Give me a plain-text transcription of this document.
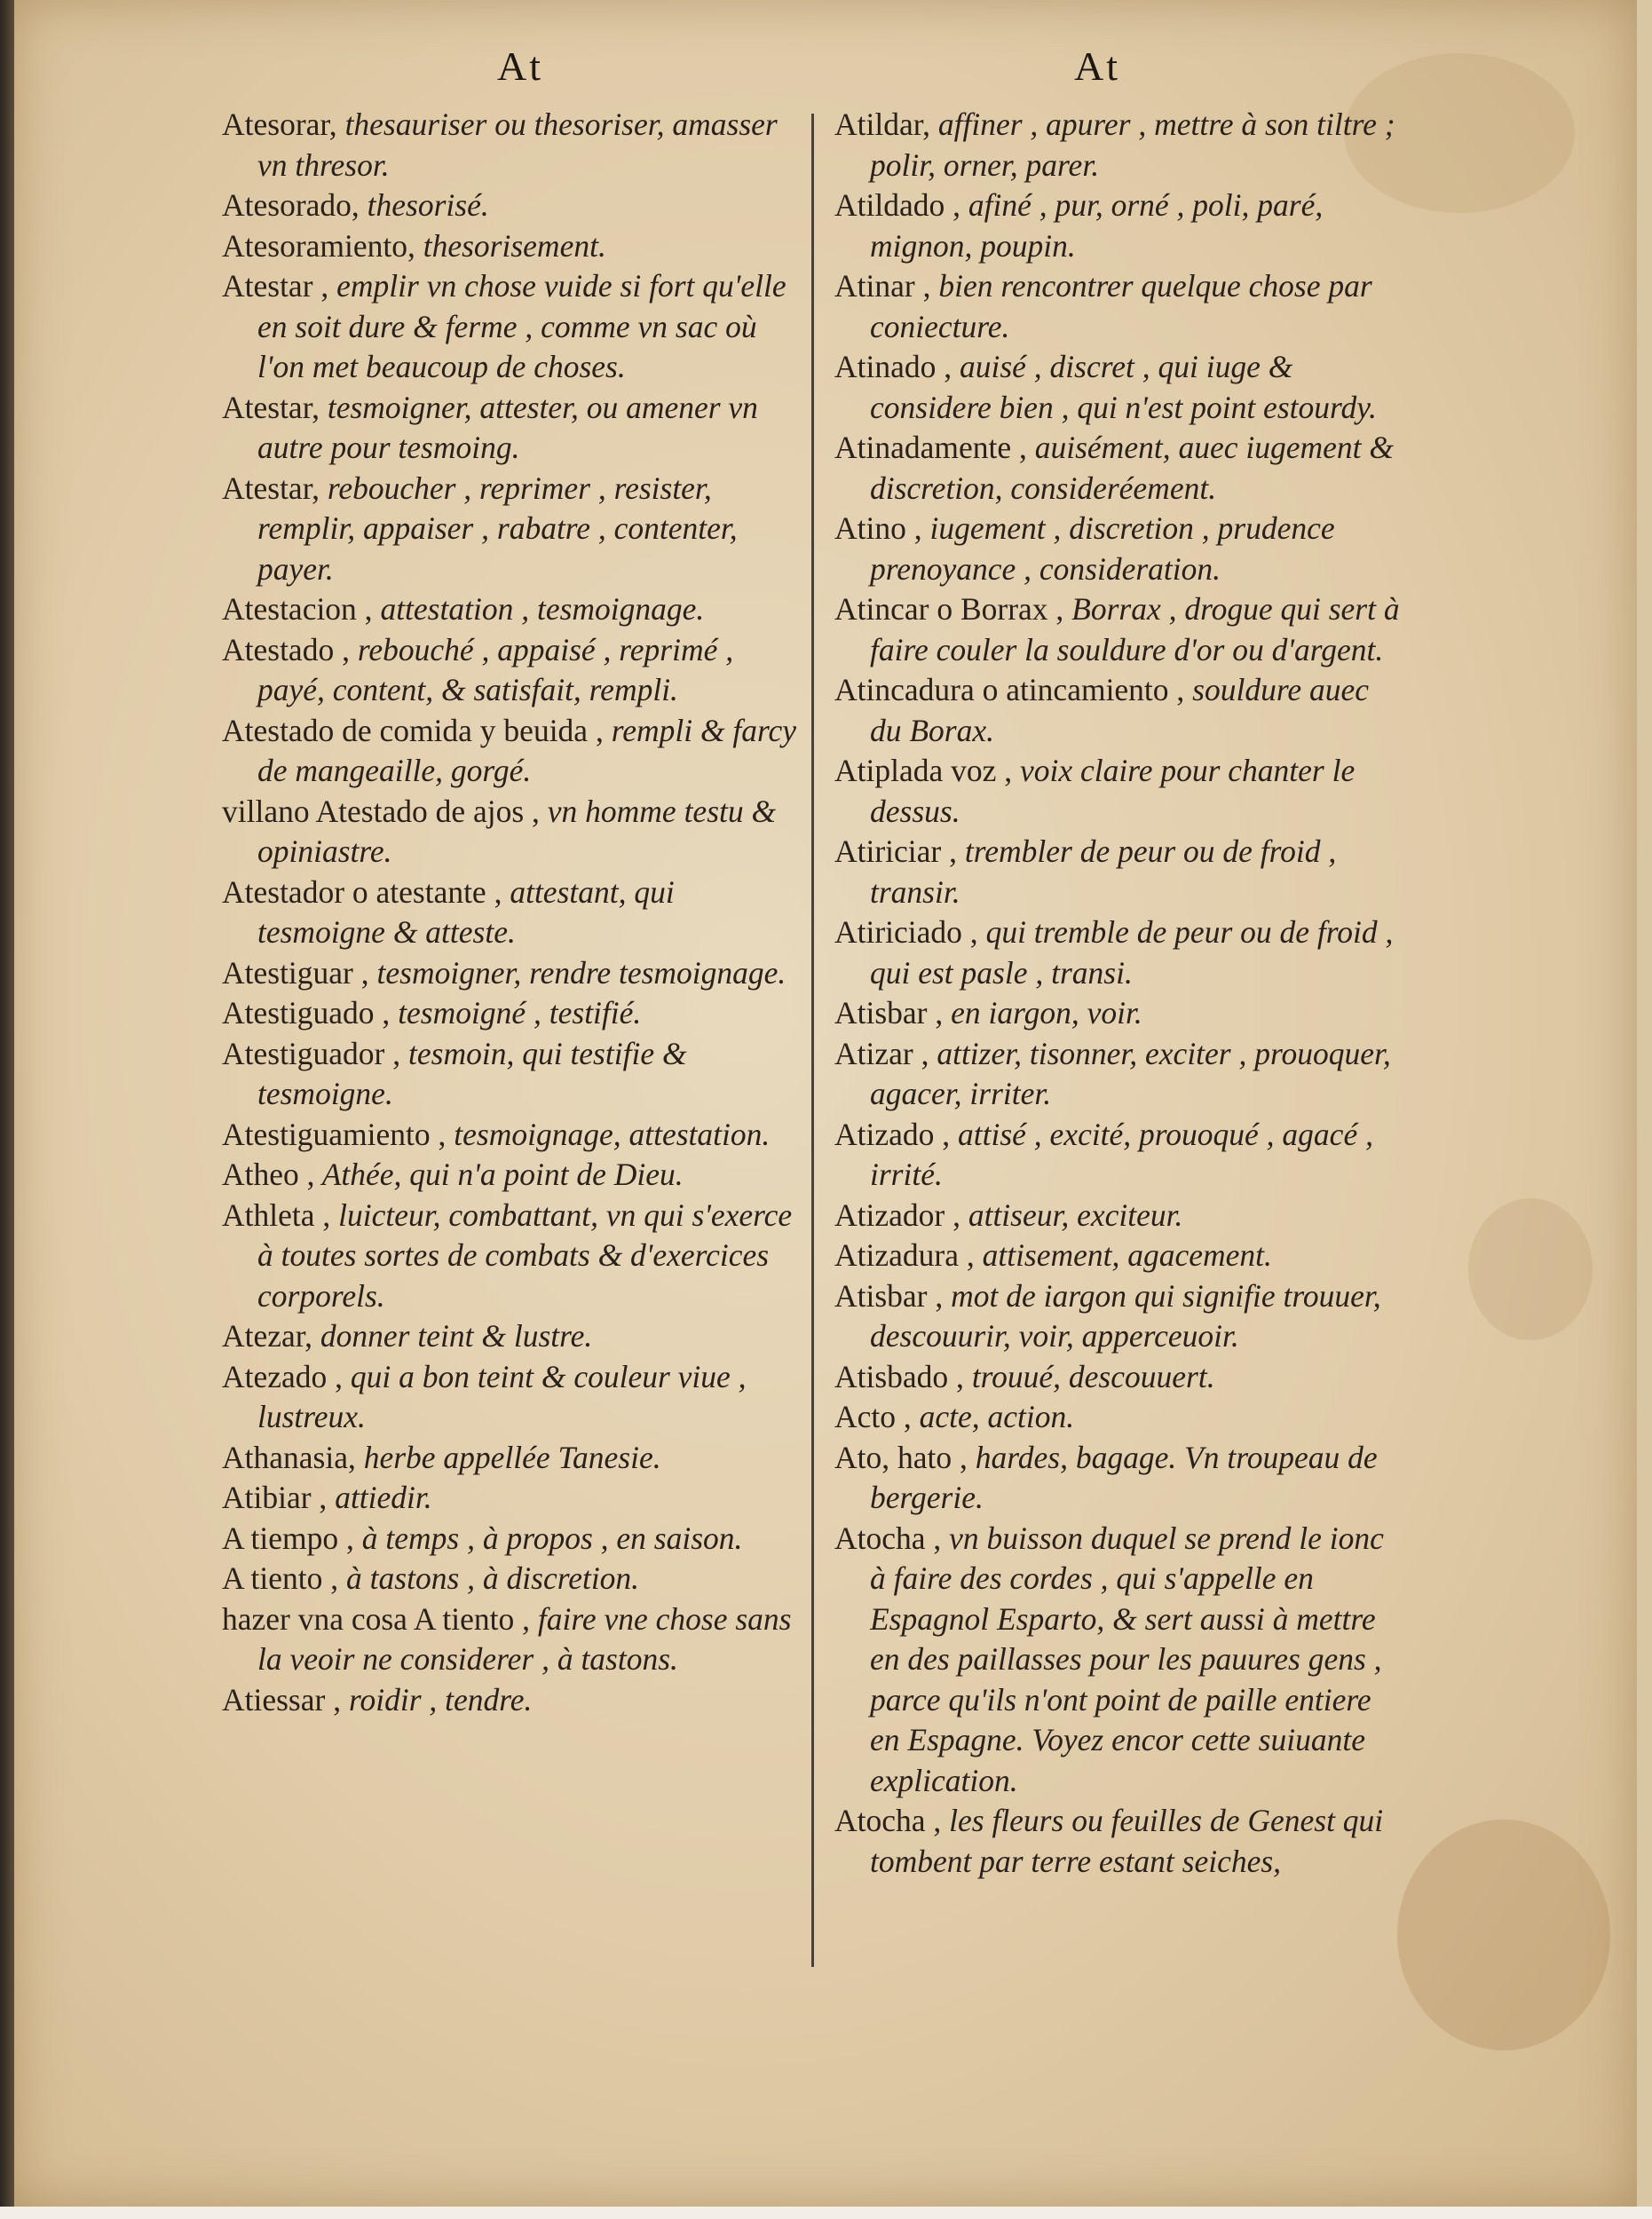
At	At

Atesorar, thesauriser ou thesoriser, amasser vn thresor.

Atesorado, thesorisé.

Atesoramiento, thesorisement.

Atestar , emplir vn chose vuide si fort qu'elle en soit dure & ferme , comme vn sac où l'on met beaucoup de choses.

Atestar, tesmoigner, attester, ou amener vn autre pour tesmoing.

Atestar, reboucher , reprimer , resister, remplir, appaiser , rabatre , contenter, payer.

Atestacion , attestation , tesmoignage.

Atestado , rebouché , appaisé , reprimé , payé, content, & satisfait, rempli.

Atestado de comida y beuida , rempli & farcy de mangeaille, gorgé.

villano Atestado de ajos , vn homme testu & opiniastre.

Atestador o atestante , attestant, qui tesmoigne & atteste.

Atestiguar , tesmoigner, rendre tesmoignage.

Atestiguado , tesmoigné , testifié.

Atestiguador , tesmoin, qui testifie & tesmoigne.

Atestiguamiento , tesmoignage, attestation.

Atheo , Athée, qui n'a point de Dieu.

Athleta , luicteur, combattant, vn qui s'exerce à toutes sortes de combats & d'exercices corporels.

Atezar, donner teint & lustre.

Atezado , qui a bon teint & couleur viue , lustreux.

Athanasia, herbe appellée Tanesie.

Atibiar , attiedir.

A tiempo , à temps , à propos , en saison.

A tiento , à tastons , à discretion.

hazer vna cosa A tiento , faire vne chose sans la veoir ne considerer , à tastons.

Atiessar , roidir , tendre.

Atildar, affiner , apurer , mettre à son tiltre ; polir, orner, parer.

Atildado , afiné , pur, orné , poli, paré, mignon, poupin.

Atinar , bien rencontrer quelque chose par coniecture.

Atinado , auisé , discret , qui iuge & considere bien , qui n'est point estourdy.

Atinadamente , auisément, auec iugement & discretion, consideréement.

Atino , iugement , discretion , prudence prenoyance , consideration.

Atincar o Borrax , Borrax , drogue qui sert à faire couler la souldure d'or ou d'argent.

Atincadura o atincamiento , souldure auec du Borax.

Atiplada voz , voix claire pour chanter le dessus.

Atiriciar , trembler de peur ou de froid , transir.

Atiriciado , qui tremble de peur ou de froid , qui est pasle , transi.

Atisbar , en iargon, voir.

Atizar , attizer, tisonner, exciter , prouoquer, agacer, irriter.

Atizado , attisé , excité, prouoqué , agacé , irrité.

Atizador , attiseur, exciteur.

Atizadura , attisement, agacement.

Atisbar , mot de iargon qui signifie trouuer, descouurir, voir, apperceuoir.

Atisbado , trouué, descouuert.

Acto , acte, action.

Ato, hato , hardes, bagage. Vn troupeau de bergerie.

Atocha , vn buisson duquel se prend le ionc à faire des cordes , qui s'appelle en Espagnol Esparto, & sert aussi à mettre en des paillasses pour les pauures gens , parce qu'ils n'ont point de paille entiere en Espagne. Voyez encor cette suiuante explication.

Atocha , les fleurs ou feuilles de Genest qui tombent par terre estant seiches,
